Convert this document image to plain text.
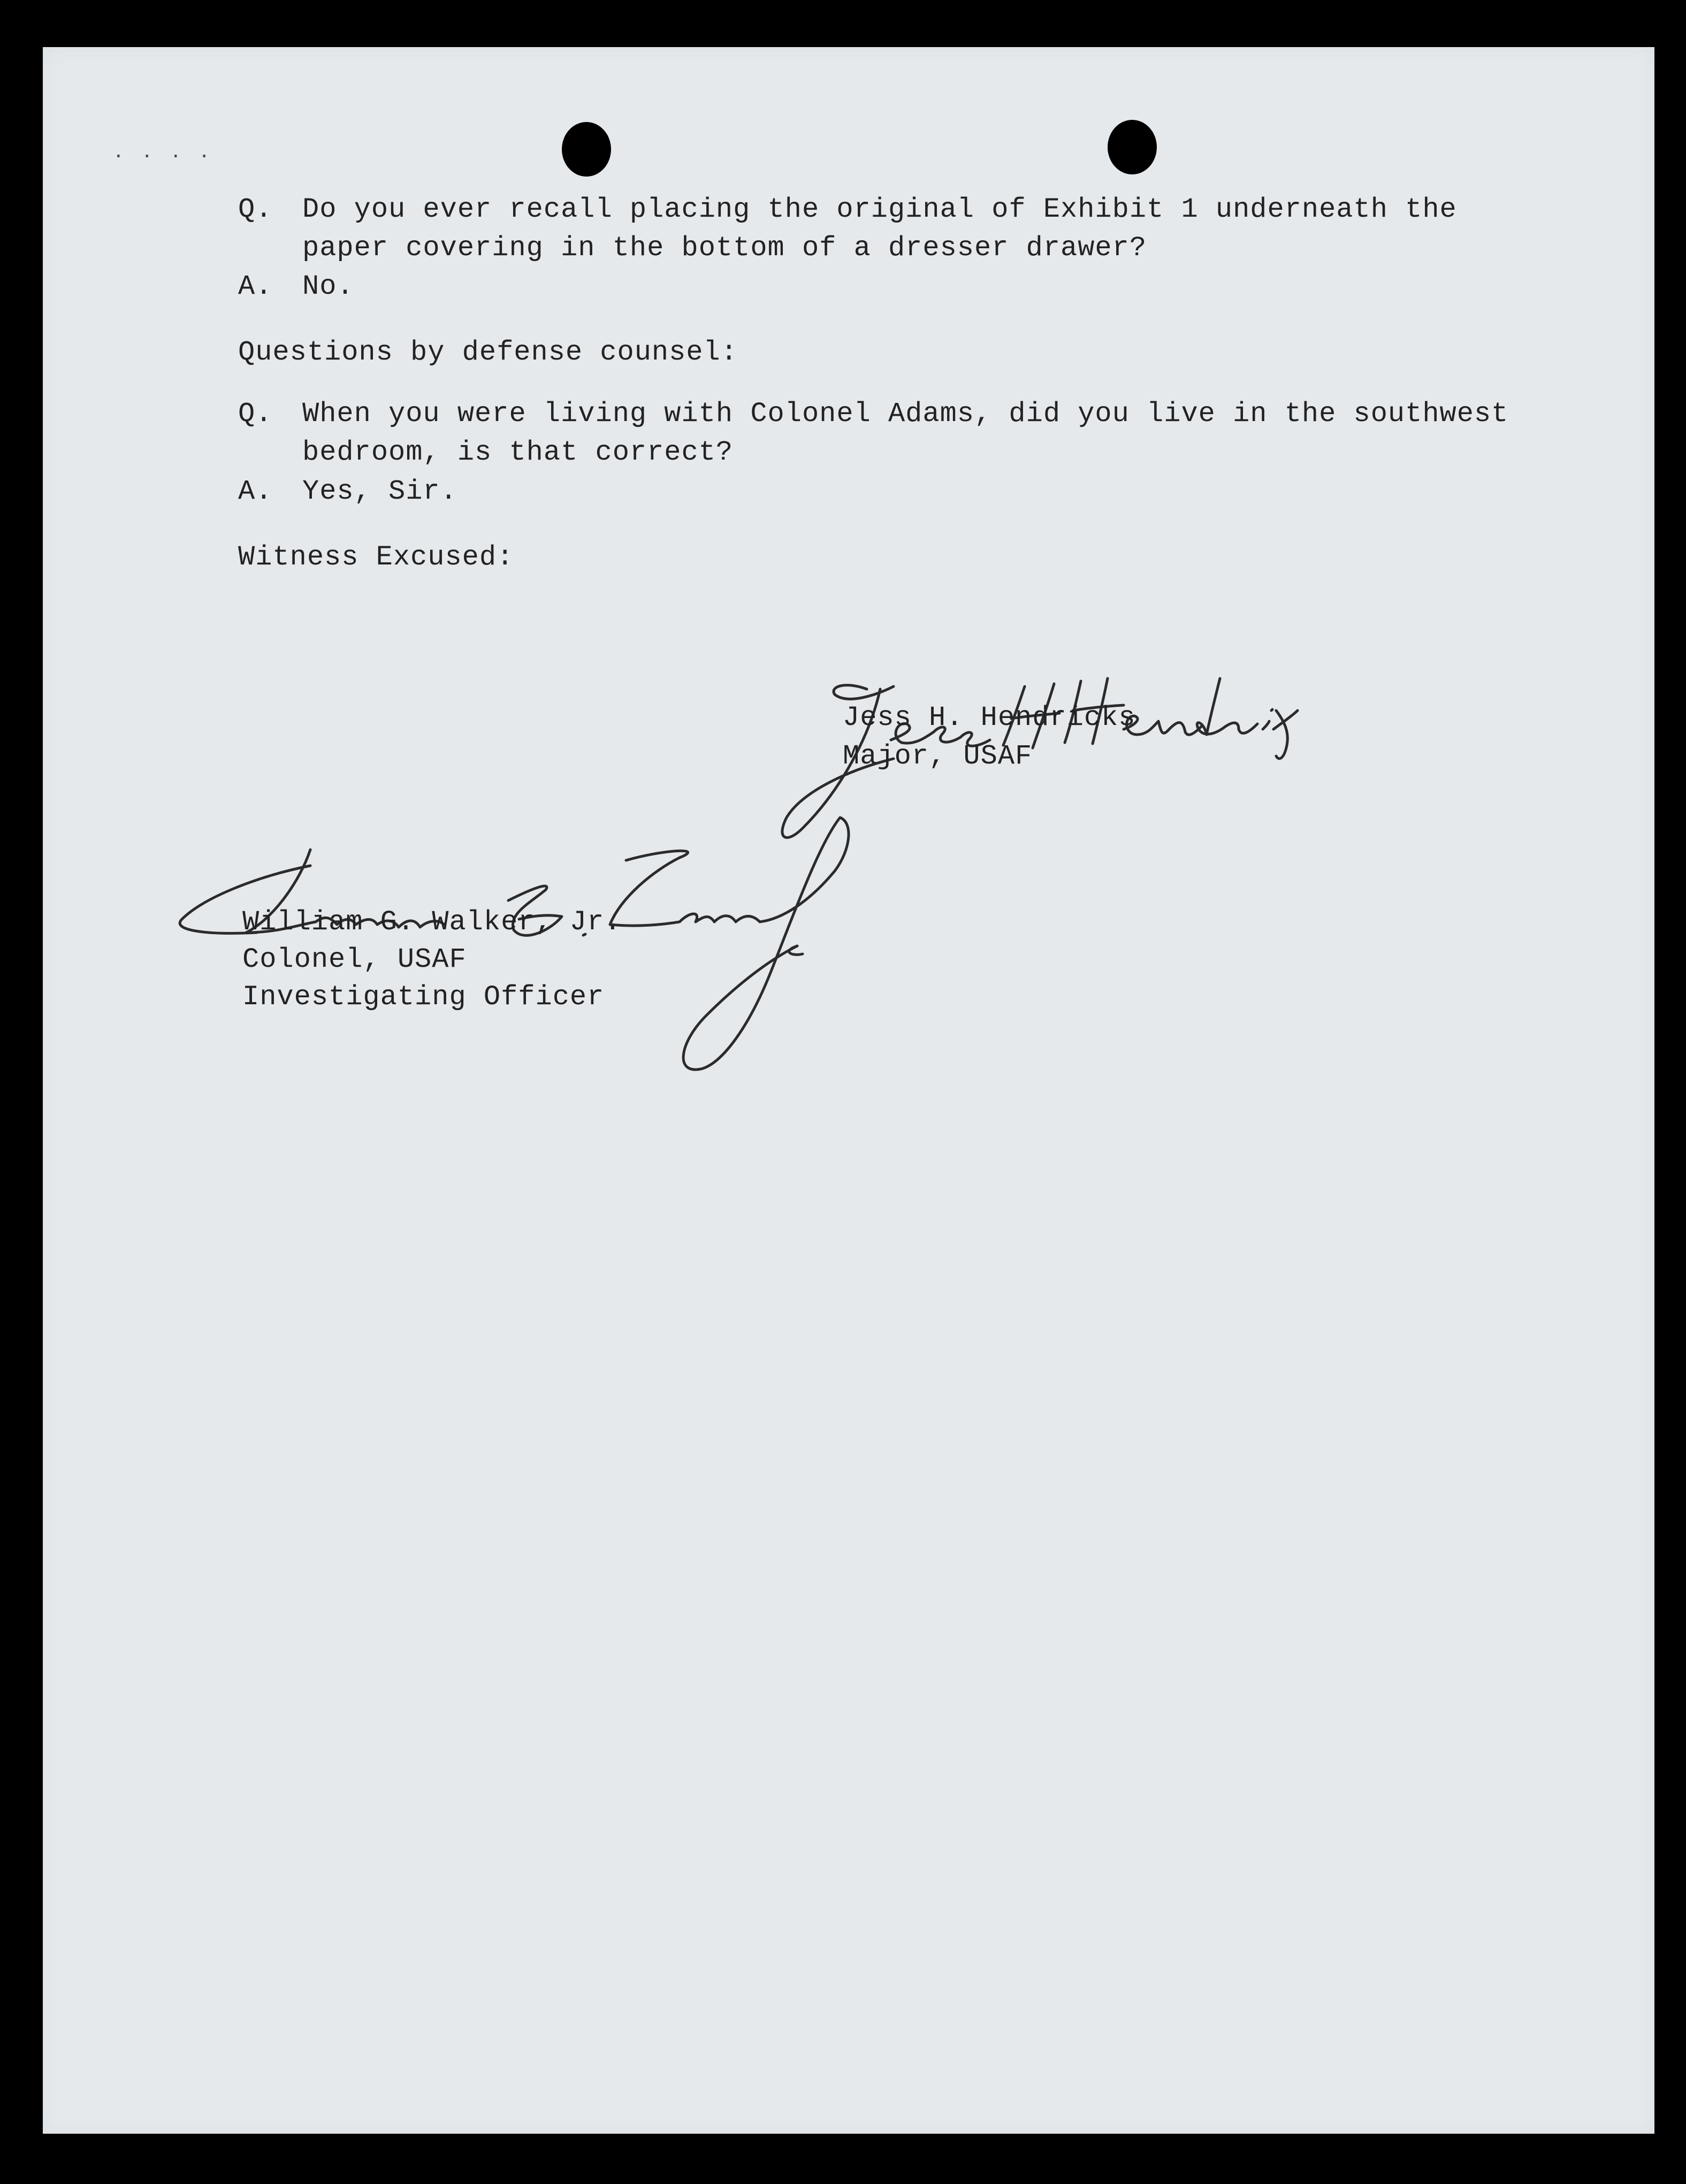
. . . .

Q.

Do you ever recall placing the original of Exhibit 1 underneath the

paper covering in the bottom of a dresser drawer?

A.

No.

Questions by defense counsel:

Q.

When you were living with Colonel Adams, did you live in the southwest

bedroom, is that correct?

A.

Yes, Sir.

Witness Excused:
Jess H. Hendricks
Major, USAF
William G. Walker, Jr.
Colonel, USAF
Investigating Officer
